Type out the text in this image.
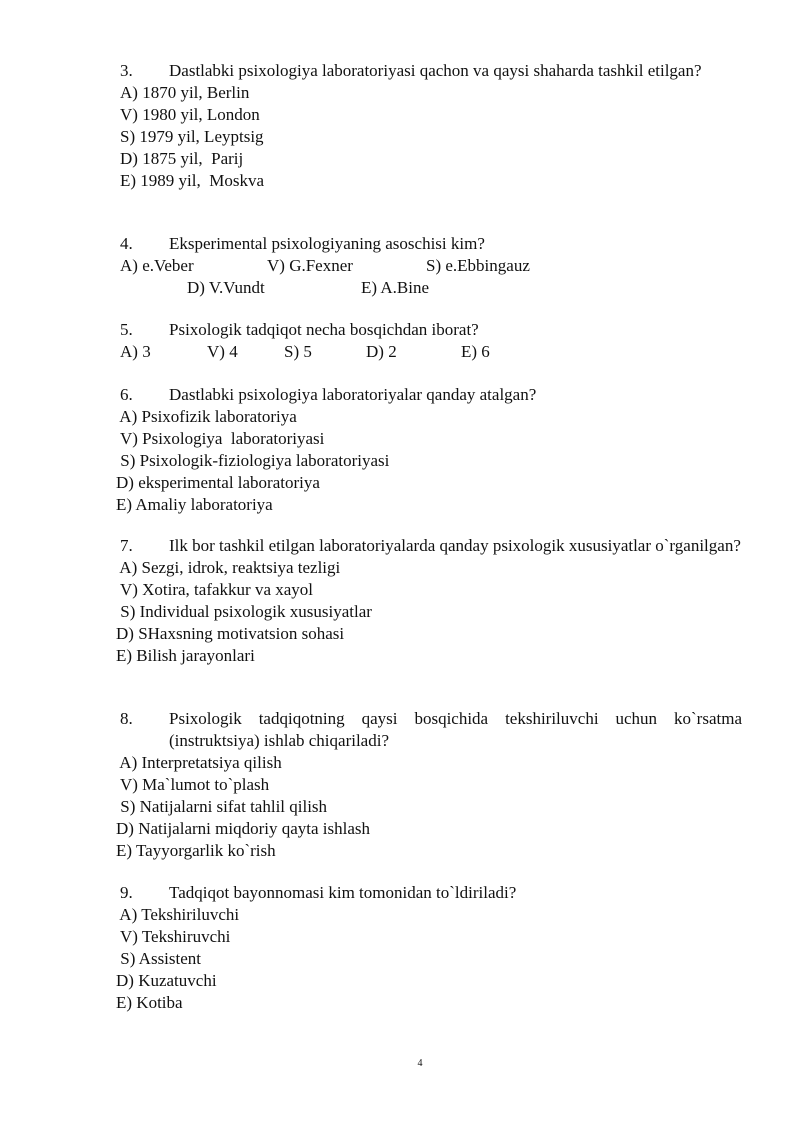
3. Dastlabki psixologiya laboratoriyasi qachon va qaysi shaharda tashkil etilgan?
A) 1870 yil, Berlin
V) 1980 yil, London
S) 1979 yil, Leyptsig
D) 1875 yil,  Parij
E) 1989 yil,  Moskva
4. Eksperimental psixologiyaning asoschisi kim?
A) e.Veber	V) G.Fexner	S) e.Ebbingauz
D) V.Vundt	E) A.Bine
5. Psixologik tadqiqot necha bosqichdan iborat?
A) 3	V) 4	S) 5	D) 2	E) 6
6. Dastlabki psixologiya laboratoriyalar qanday atalgan?
A) Psixofizik laboratoriya
V) Psixologiya  laboratoriyasi
S) Psixologik-fiziologiya laboratoriyasi
D) eksperimental laboratoriya
E) Amaliy laboratoriya
7. Ilk bor tashkil etilgan laboratoriyalarda qanday psixologik xususiyatlar o`rganilgan?
A) Sezgi, idrok, reaktsiya tezligi
V) Xotira, tafakkur va xayol
S) Individual psixologik xususiyatlar
D) SHaxsning motivatsion sohasi
E) Bilish jarayonlari
8. Psixologik tadqiqotning qaysi bosqichida tekshiriluvchi uchun ko`rsatma (instruktsiya) ishlab chiqariladi?
A) Interpretatsiya qilish
V) Ma`lumot to`plash
S) Natijalarni sifat tahlil qilish
D) Natijalarni miqdoriy qayta ishlash
E) Tayyorgarlik ko`rish
9. Tadqiqot bayonnomasi kim tomonidan to`ldiriladi?
A) Tekshiriluvchi
V) Tekshiruvchi
S) Assistent
D) Kuzatuvchi
E) Kotiba
4
